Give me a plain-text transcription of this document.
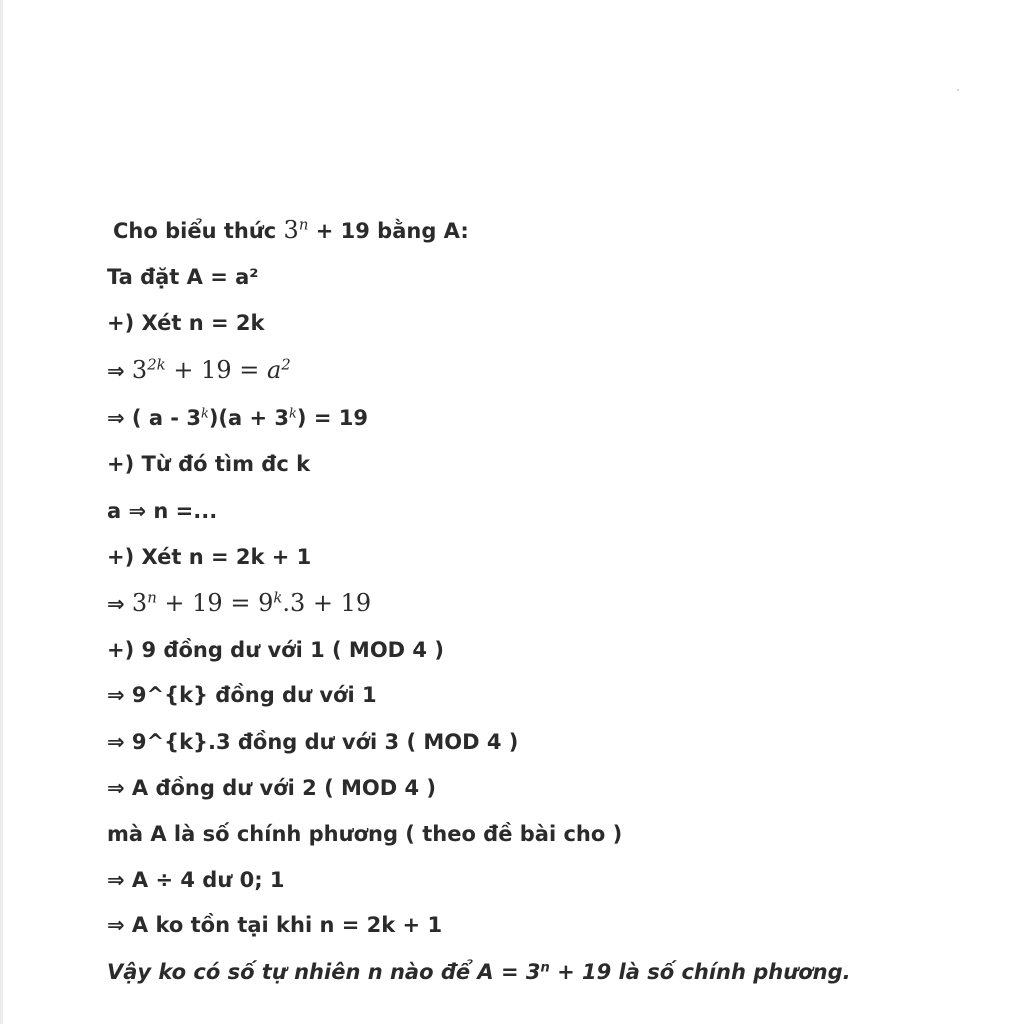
Cho biểu thức $3^n + 19$ bằng A:
Ta đặt A = a²
+) Xét n = 2k
⇒ $3^{2k} + 19 = a^2$
⇒ ( $a - 3^k)(a + 3^k) = 19$
+) Từ đó tìm đc k
a ⇒ n =...
+) Xét n = 2k + 1
⇒ $3^n + 19 = 9^k.3 + 19$
+) 9 đồng dư với 1 ( MOD 4 )
⇒ 9^{k} đồng dư với 1
⇒ 9^{k}.3 đồng dư với 3 ( MOD 4 )
⇒ A đồng dư với 2 ( MOD 4 )
mà A là số chính phương ( theo đề bài cho )
⇒ A ÷ 4 dư 0; 1
⇒ A ko tồn tại khi n = 2k + 1
Vậy ko có số tự nhiên n nào để $A = 3^n + 19$ là số chính phương.
